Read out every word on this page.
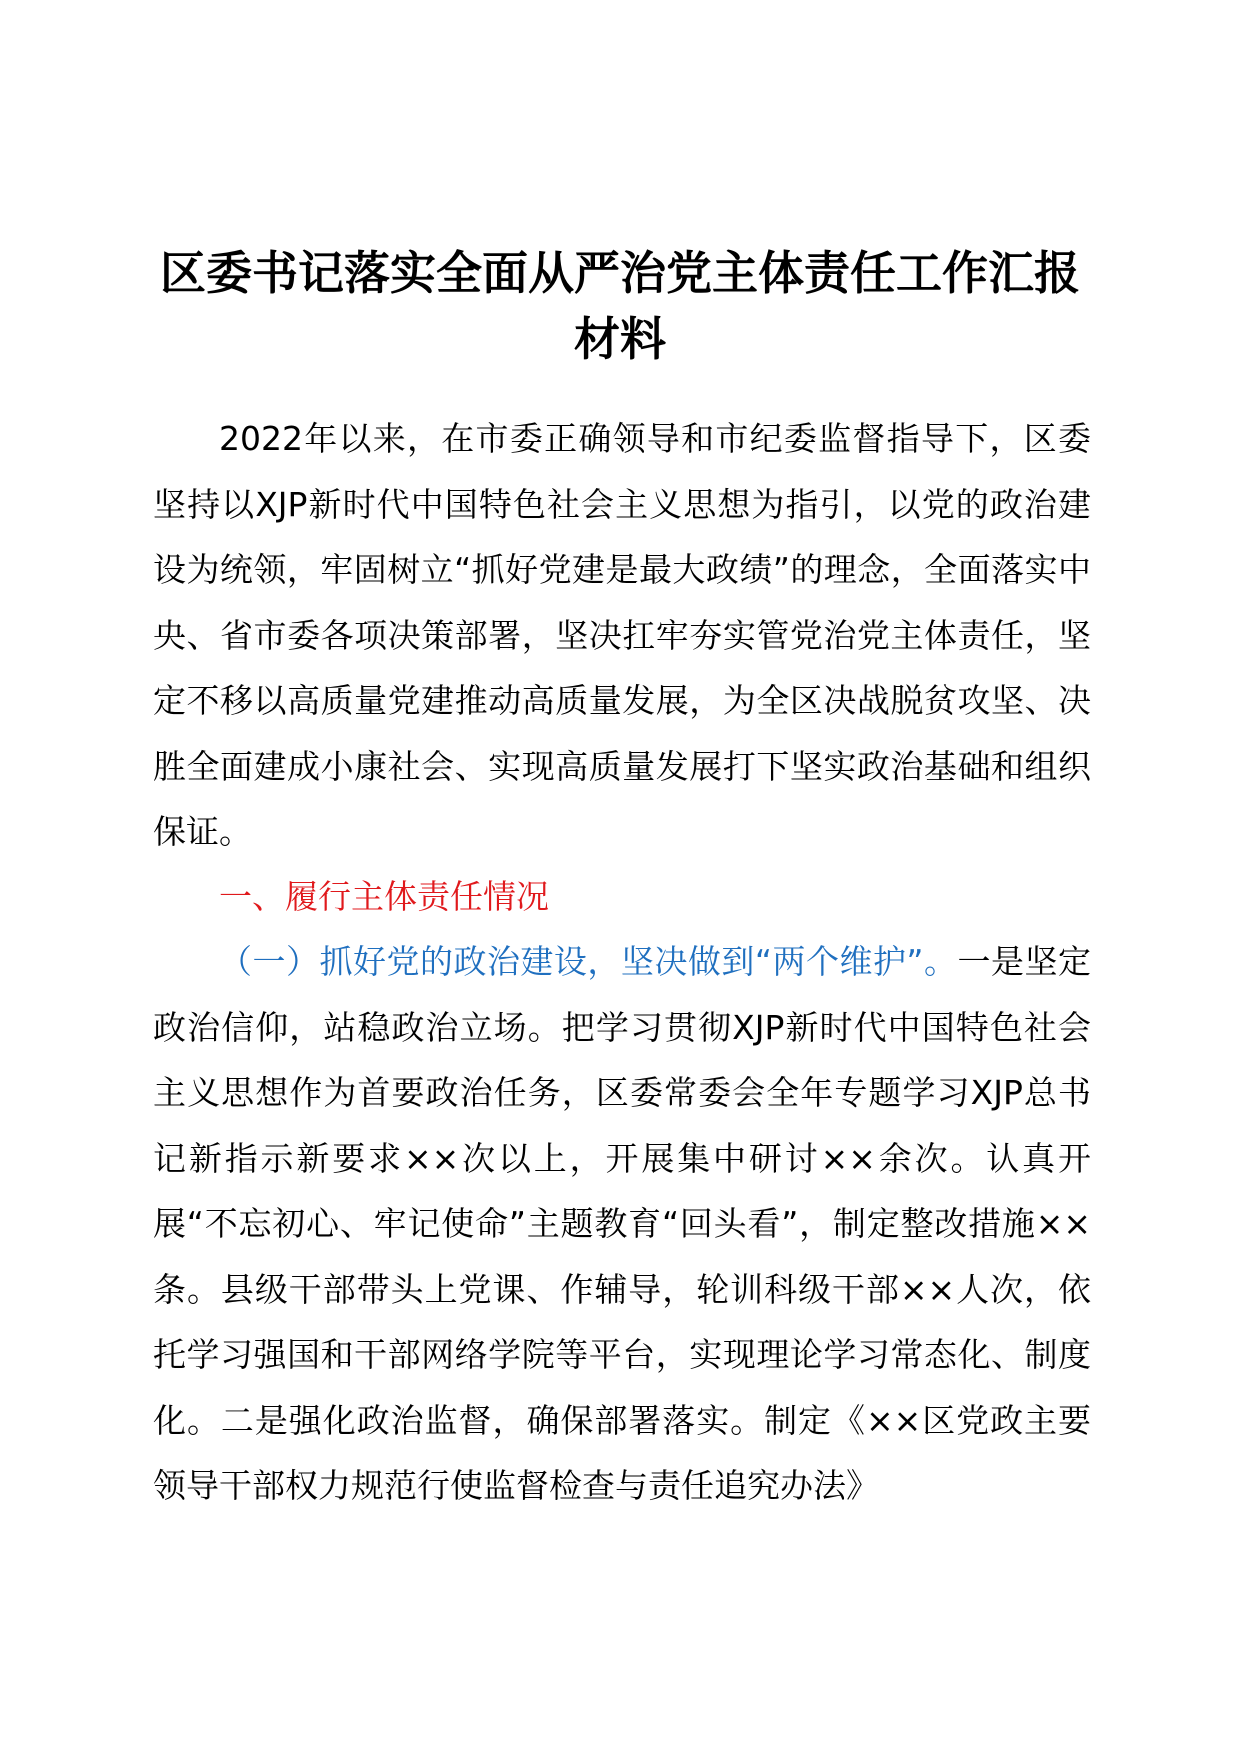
区委书记落实全面从严治党主体责任工作汇报材料

2022年以来，在市委正确领导和市纪委监督指导下，区委坚持以XJP新时代中国特色社会主义思想为指引，以党的政治建设为统领，牢固树立“抓好党建是最大政绩”的理念，全面落实中央、省市委各项决策部署，坚决扛牢夯实管党治党主体责任，坚定不移以高质量党建推动高质量发展，为全区决战脱贫攻坚、决胜全面建成小康社会、实现高质量发展打下坚实政治基础和组织保证。

一、履行主体责任情况

（一）抓好党的政治建设，坚决做到“两个维护”。一是坚定政治信仰，站稳政治立场。把学习贯彻XJP新时代中国特色社会主义思想作为首要政治任务，区委常委会全年专题学习XJP总书记新指示新要求××次以上，开展集中研讨××余次。认真开展“不忘初心、牢记使命”主题教育“回头看”，制定整改措施××条。县级干部带头上党课、作辅导，轮训科级干部××人次，依托学习强国和干部网络学院等平台，实现理论学习常态化、制度化。二是强化政治监督，确保部署落实。制定《××区党政主要领导干部权力规范行使监督检查与责任追究办法》
